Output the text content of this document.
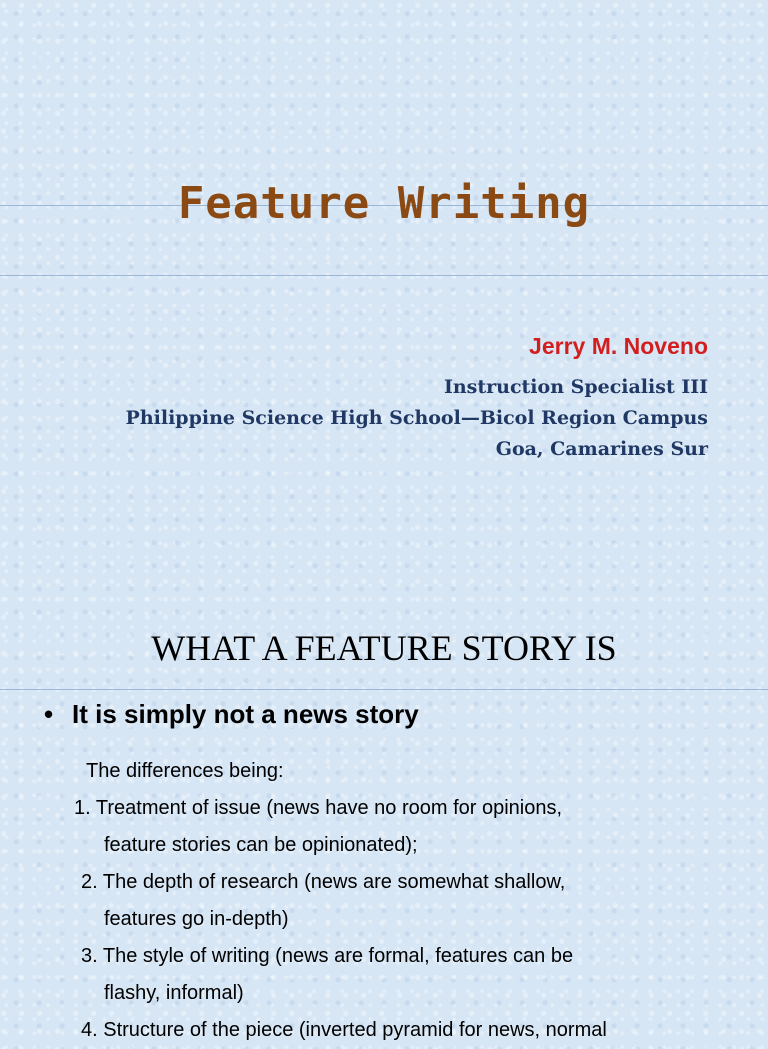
Feature Writing
Jerry M. Noveno
Instruction Specialist III
Philippine Science High School—Bicol Region Campus
Goa, Camarines Sur
WHAT A FEATURE STORY IS
• It is simply not a news story
The differences being:
1. Treatment of issue (news have no room for opinions,
feature stories can be opinionated);
2. The depth of research (news are somewhat shallow,
features go in-depth)
3. The style of writing (news are formal, features can be
flashy, informal)
4. Structure of the piece (inverted pyramid for news, normal
